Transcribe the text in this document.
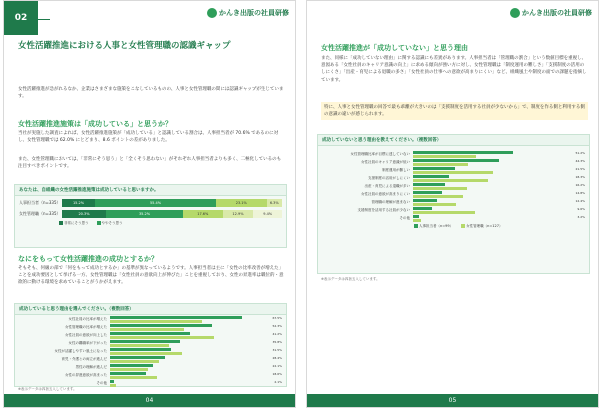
02	かんき出版の社員研修
女性活躍推進における人事と女性管理職の認識ギャップ
女性活躍推進が急がれるなか、企業はさまざまな施策をこなしているものの、人事と女性管理職の間には認識ギャップが生じています。
女性活躍推進施策は「成功している」と思うか？
当社が実施した調査によれば、女性活躍推進施策が「成功している」と認識している割合は、人事担当者が 70.6% であるのに対し、女性管理職では 62.0% にとどまり、8.6 ポイントの差がありました。
また、女性管理職においては、「非常にそう思う」と「全くそう思わない」がそれぞれ人事担当者よりも多く、二極化しているのも注目すべきポイントです。
あなたは、自組織の女性活躍推進施策は成功していると思いますか。
人事担当者（n=335）	15.2%	55.4%	23.1%	6.3%
女性管理職（n=335）	20.3%	35.2%	17.6%	12.9%	9.4%
非常にそう思う	ややそう思う
なにをもって女性活躍推進の成功とするか？
そもそも、何級の部で「何をもって成功とするか」の基準が異なっているようです。人事担当者は主に「女性の比率改善が増えた」ことを成功要因として挙げる一方、女性管理職は「女性社員の意欲向上が伸びた」ことを重視しており、女性の昇進率は職位的・意欲的に動ける環境を求めていることがうかがえます。
成功していると思う理由を選んでください。（複数回答）
女性社員の比率が増えた	67.5%
女性管理職の比率が増えた	52.3%
女性社員の意欲が向上した	41.2%
女性の離職率が下がった	35.8%
女性が活躍しやすい風土になった	31.5%
育児・介護との両立が進んだ	28.4%
男性の理解が進んだ	22.1%
女性の昇進意欲が高まった	18.6%
その他	2.1%
※表示データは四捨五入しています。
04
かんき出版の社員研修
女性活躍推進が「成功していない」と思う理由
また、同様に「成功していない理由」に関する認識にも差異があります。人事担当者は「管理職の割合」という数値目標を重視し、意図ある「女性社員のキャリア意識の向上」に求める傾向が強い方に対し、女性管理職は「制度運用の難しさ」「支援制度の活用のしにくさ」「出産・育児による退職の多さ」「女性社員の仕事への意欲が高まりにくい」など、組織風土や制度の面での課題を指摘しています。
特に、人事と女性管理職の回答で最も乖離が大きいのは「支援制度を活用する社員が少ないから」で、制度を作る側と利用する側の意識の違いが感じられます。
成功していないと思う理由を教えてください。（複数回答）
女性管理職比率が目標に達していない	51.2%
女性社員のキャリア意識が低い	44.3%
制度運用が難しい	21.5%
支援制度の活用がしにくい	18.3%
出産・育児による退職が多い	16.2%
女性社員の意欲が高まりにくい	14.8%
管理職の理解が進まない	12.4%
支援制度を活用する社員が少ない	9.6%
その他	3.2%
人事担当者（n=99）	女性管理職（n=127）
※表示データは四捨五入しています。
05
